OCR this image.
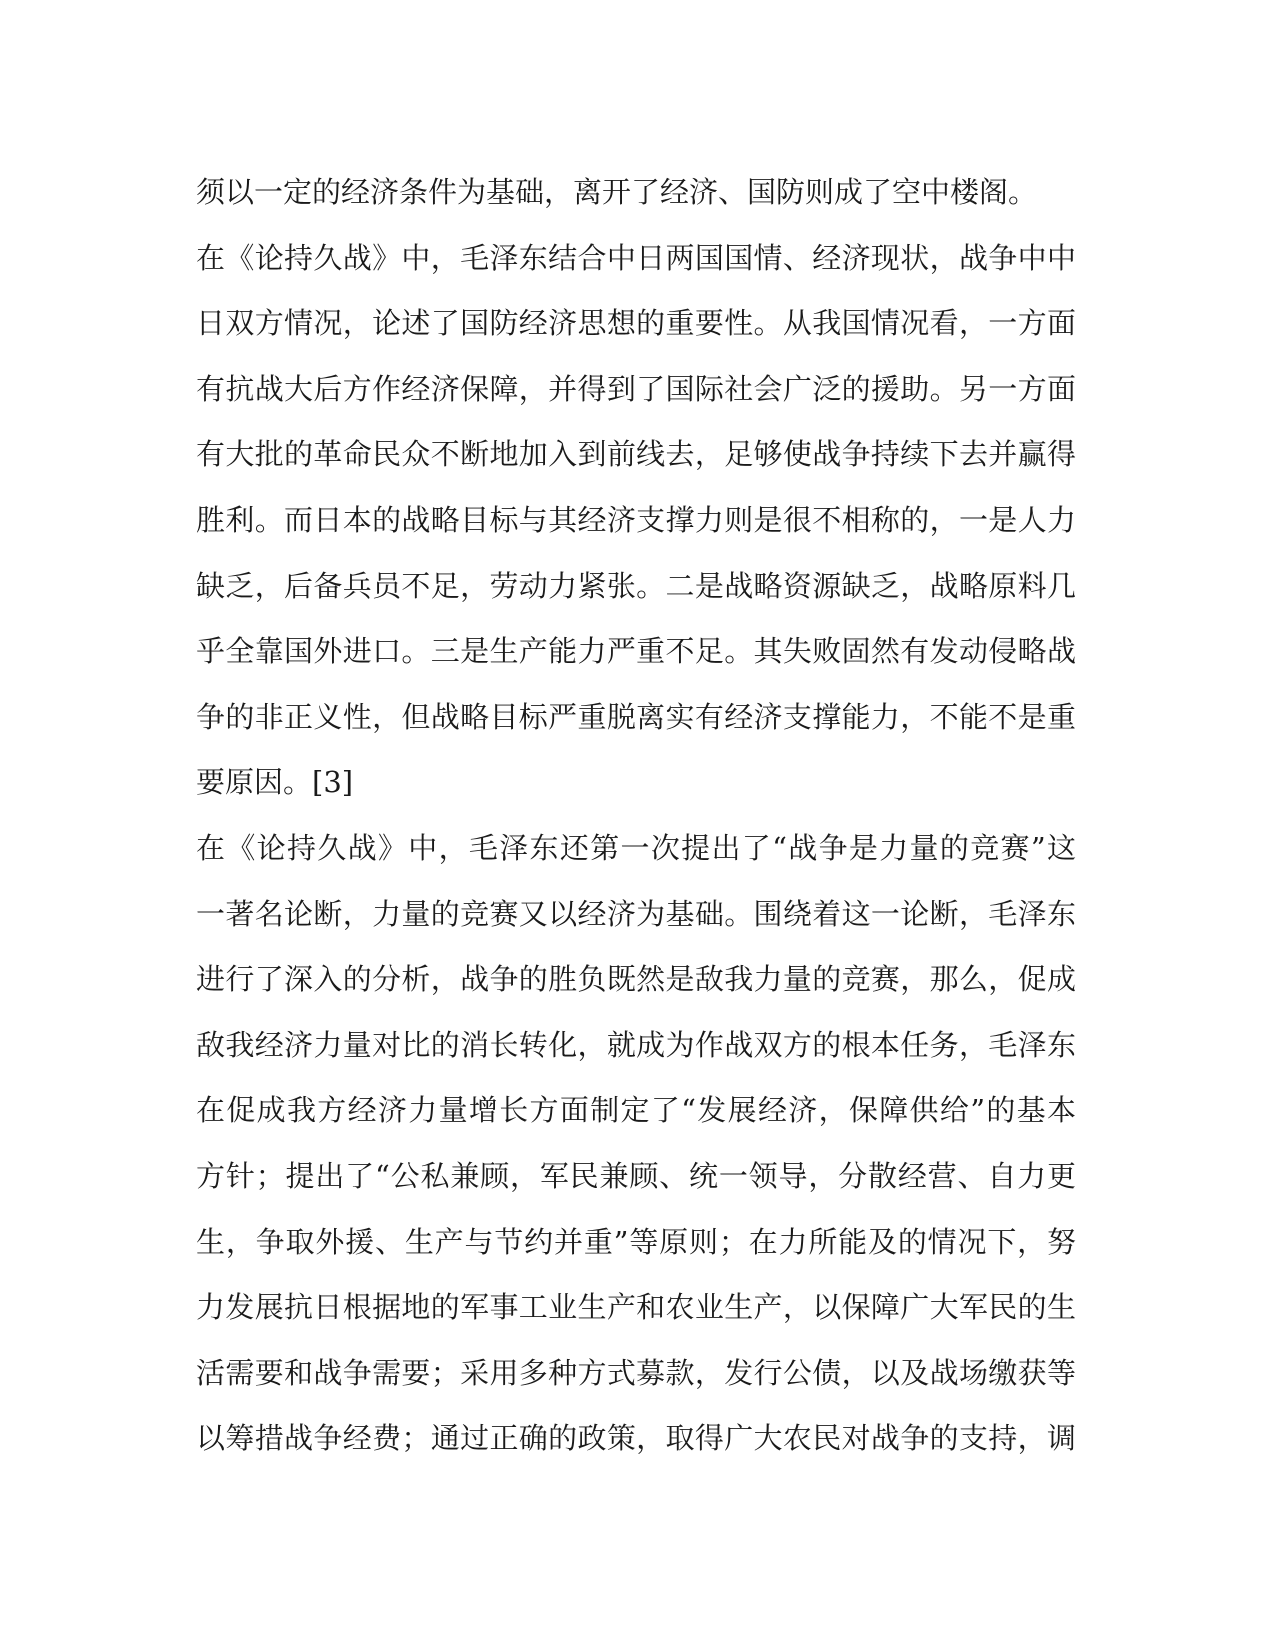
须以一定的经济条件为基础，离开了经济、国防则成了空中楼阁。
在《论持久战》中，毛泽东结合中日两国国情、经济现状，战争中中
日双方情况，论述了国防经济思想的重要性。从我国情况看，一方面
有抗战大后方作经济保障，并得到了国际社会广泛的援助。另一方面
有大批的革命民众不断地加入到前线去，足够使战争持续下去并赢得
胜利。而日本的战略目标与其经济支撑力则是很不相称的，一是人力
缺乏，后备兵员不足，劳动力紧张。二是战略资源缺乏，战略原料几
乎全靠国外进口。三是生产能力严重不足。其失败固然有发动侵略战
争的非正义性，但战略目标严重脱离实有经济支撑能力，不能不是重
要原因。[3]
在《论持久战》中，毛泽东还第一次提出了“战争是力量的竞赛”这
一著名论断，力量的竞赛又以经济为基础。围绕着这一论断，毛泽东
进行了深入的分析，战争的胜负既然是敌我力量的竞赛，那么，促成
敌我经济力量对比的消长转化，就成为作战双方的根本任务，毛泽东
在促成我方经济力量增长方面制定了“发展经济，保障供给”的基本
方针；提出了“公私兼顾，军民兼顾、统一领导，分散经营、自力更
生，争取外援、生产与节约并重”等原则；在力所能及的情况下，努
力发展抗日根据地的军事工业生产和农业生产，以保障广大军民的生
活需要和战争需要；采用多种方式募款，发行公债，以及战场缴获等
以筹措战争经费；通过正确的政策，取得广大农民对战争的支持，调
